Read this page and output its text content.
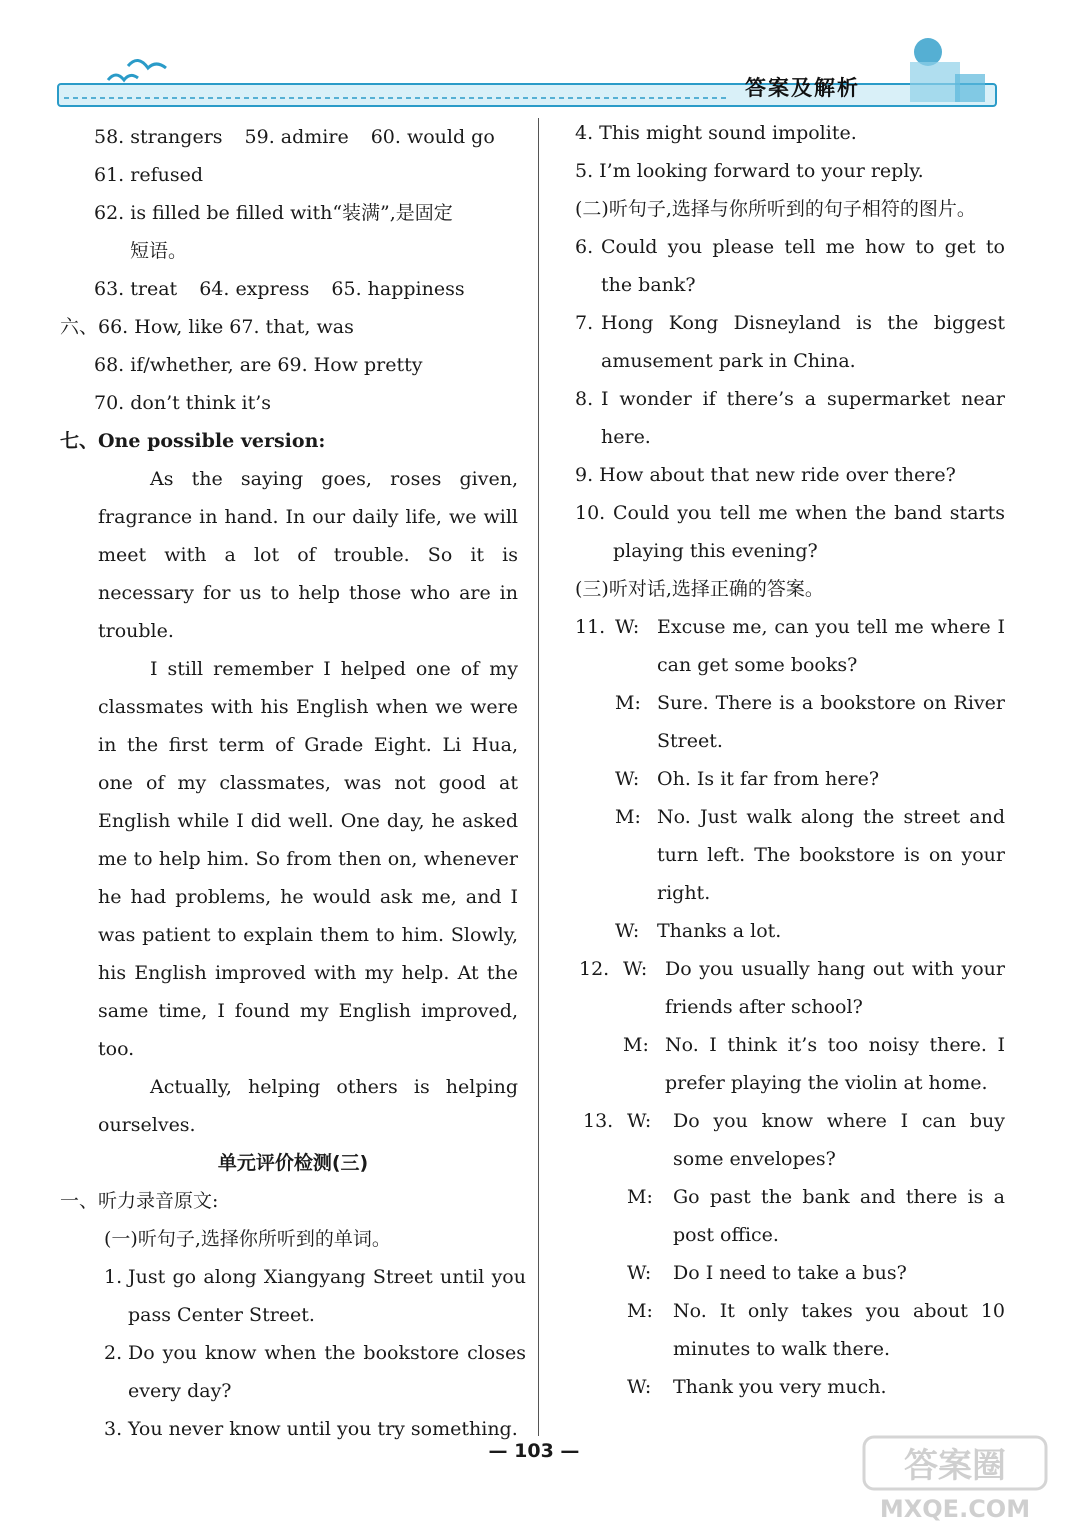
答案及解析
58. strangers 59. admire 60. would go
61. refused
62. is filled be filled with“装满”,是固定
短语。
63. treat 64. express 65. happiness
六、66. How, like 67. that, was
68. if/whether, are 69. How pretty
70. don’t think it’s
七、One possible version:
As the saying goes, roses given, fragrance in hand. In our daily life, we will meet with a lot of trouble. So it is necessary for us to help those who are in trouble.
I still remember I helped one of my classmates with his English when we were in the first term of Grade Eight. Li Hua, one of my classmates, was not good at English while I did well. One day, he asked me to help him. So from then on, whenever he had problems, he would ask me, and I was patient to explain them to him. Slowly, his English improved with my help. At the same time, I found my English improved, too.
Actually, helping others is helping ourselves.
单元评价检测(三)
一、听力录音原文:
(一)听句子,选择你所听到的单词。
1. Just go along Xiangyang Street until you pass Center Street.
2. Do you know when the bookstore closes every day?
3. You never know until you try something.
4. This might sound impolite.
5. I’m looking forward to your reply.
(二)听句子,选择与你所听到的句子相符的图片。
6. Could you please tell me how to get to the bank?
7. Hong Kong Disneyland is the biggest amusement park in China.
8. I wonder if there’s a supermarket near here.
9. How about that new ride over there?
10. Could you tell me when the band starts playing this evening?
(三)听对话,选择正确的答案。
11. W: Excuse me, can you tell me where I can get some books?
M: Sure. There is a bookstore on River Street.
W: Oh. Is it far from here?
M: No. Just walk along the street and turn left. The bookstore is on your right.
W: Thanks a lot.
12. W: Do you usually hang out with your friends after school?
M: No. I think it’s too noisy there. I prefer playing the violin at home.
13. W:	Do you know where I can buy some envelopes?
M:	Go past the bank and there is a post office.
W:	Do I need to take a bus?
M:	No. It only takes you about 10 minutes to walk there.
W:	Thank you very much.
— 103 —	答案圈
MXQE.COM
